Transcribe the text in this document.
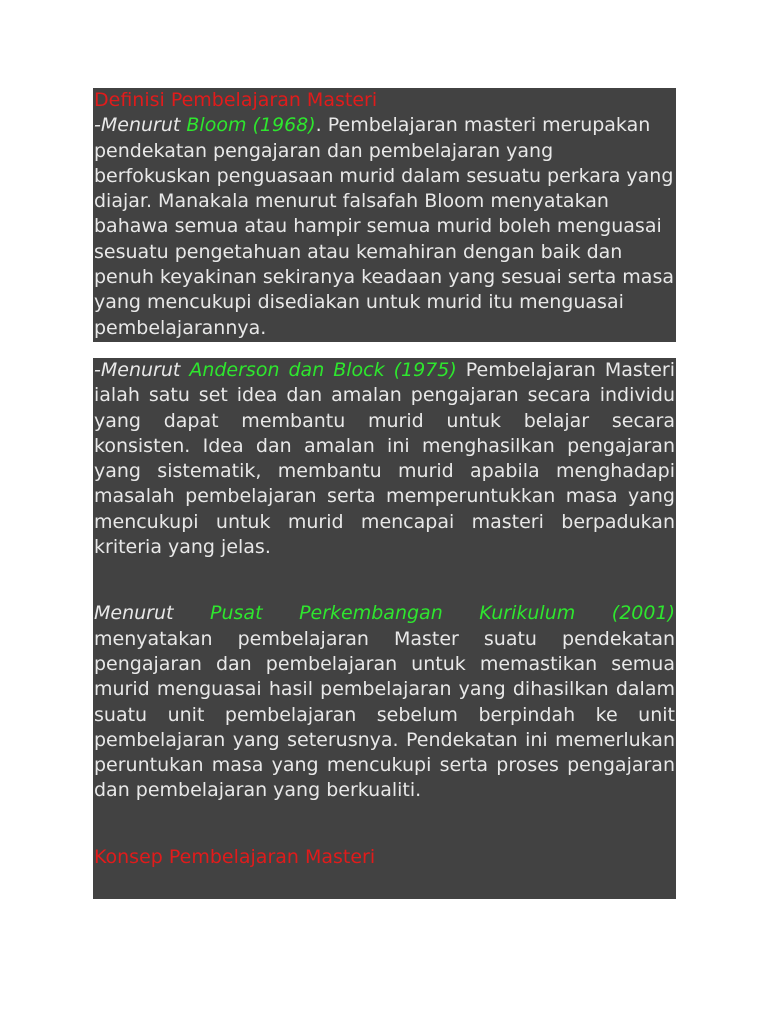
Definisi Pembelajaran Masteri

-Menurut Bloom (1968). Pembelajaran masteri merupakan pendekatan pengajaran dan pembelajaran yang berfokuskan penguasaan murid dalam sesuatu perkara yang diajar. Manakala menurut falsafah Bloom menyatakan bahawa semua atau hampir semua murid boleh menguasai sesuatu pengetahuan atau kemahiran dengan baik dan penuh keyakinan sekiranya keadaan yang sesuai serta masa yang mencukupi disediakan untuk murid itu menguasai pembelajarannya.

-Menurut Anderson dan Block (1975) Pembelajaran Masteri ialah satu set idea dan amalan pengajaran secara individu yang dapat membantu murid untuk belajar secara konsisten. Idea dan amalan ini menghasilkan pengajaran yang sistematik, membantu murid apabila menghadapi masalah pembelajaran serta memperuntukkan masa yang mencukupi untuk murid mencapai masteri berpadukan kriteria yang jelas.

Menurut Pusat Perkembangan Kurikulum (2001) menyatakan pembelajaran Master suatu pendekatan pengajaran dan pembelajaran untuk memastikan semua murid menguasai hasil pembelajaran yang dihasilkan dalam suatu unit pembelajaran sebelum berpindah ke unit pembelajaran yang seterusnya. Pendekatan ini memerlukan peruntukan masa yang mencukupi serta proses pengajaran dan pembelajaran yang berkualiti.

Konsep Pembelajaran Masteri
